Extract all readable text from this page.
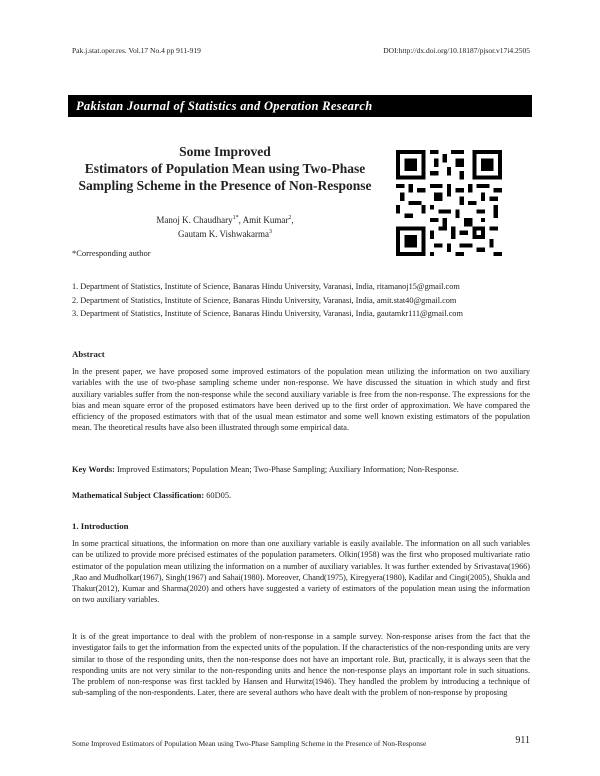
Pak.j.stat.oper.res. Vol.17 No.4 pp 911-919	DOI:http://dx.doi.org/10.18187/pjsor.v17i4.2505
Pakistan Journal of Statistics and Operation Research
Some Improved
Estimators of Population Mean using Two-Phase
Sampling Scheme in the Presence of Non-Response
Manoj K. Chaudhary$^{1*}$, Amit Kumar$^2$,
Gautam K. Vishwakarma$^3$
*Corresponding author
1. Department of Statistics, Institute of Science, Banaras Hindu University, Varanasi, India, ritamanoj15@gmail.com
2. Department of Statistics, Institute of Science, Banaras Hindu University, Varanasi, India, amit.stat40@gmail.com
3. Department of Statistics, Institute of Science, Banaras Hindu University, Varanasi, India, gautamkr111@gmail.com
Abstract
In the present paper, we have proposed some improved estimators of the population mean utilizing the information on two auxiliary variables with the use of two-phase sampling scheme under non-response. We have discussed the situation in which study and first auxiliary variables suffer from the non-response while the second auxiliary variable is free from the non-response. The expressions for the bias and mean square error of the proposed estimators have been derived up to the first order of approximation. We have compared the efficiency of the proposed estimators with that of the usual mean estimator and some well known existing estimators of the population mean. The theoretical results have also been illustrated through some empirical data.
Key Words: Improved Estimators; Population Mean; Two-Phase Sampling; Auxiliary Information; Non-Response.
Mathematical Subject Classification: 60D05.
1. Introduction
In some practical situations, the information on more than one auxiliary variable is easily available. The information on all such variables can be utilized to provide more précised estimates of the population parameters. Olkin(1958) was the first who proposed multivariate ratio estimator of the population mean utilizing the information on a number of auxiliary variables. It was further extended by Srivastava(1966) ,Rao and Mudholkar(1967), Singh(1967) and Sahai(1980). Moreover, Chand(1975), Kiregyera(1980), Kadilar and Cingi(2005), Shukla and Thakur(2012), Kumar and Sharma(2020) and others have suggested a variety of estimators of the population mean using the information on two auxiliary variables.
It is of the great importance to deal with the problem of non-response in a sample survey. Non-response arises from the fact that the investigator fails to get the information from the expected units of the population. If the characteristics of the non-responding units are very similar to those of the responding units, then the non-response does not have an important role. But, practically, it is always seen that the responding units are not very similar to the non-responding units and hence the non-response plays an important role in such situations. The problem of non-response was first tackled by Hansen and Hurwitz(1946). They handled the problem by introducing a technique of sub-sampling of the non-respondents. Later, there are several authors who have dealt with the problem of non-response by proposing
Some Improved Estimators of Population Mean using Two-Phase Sampling Scheme in the Presence of Non-Response	911
